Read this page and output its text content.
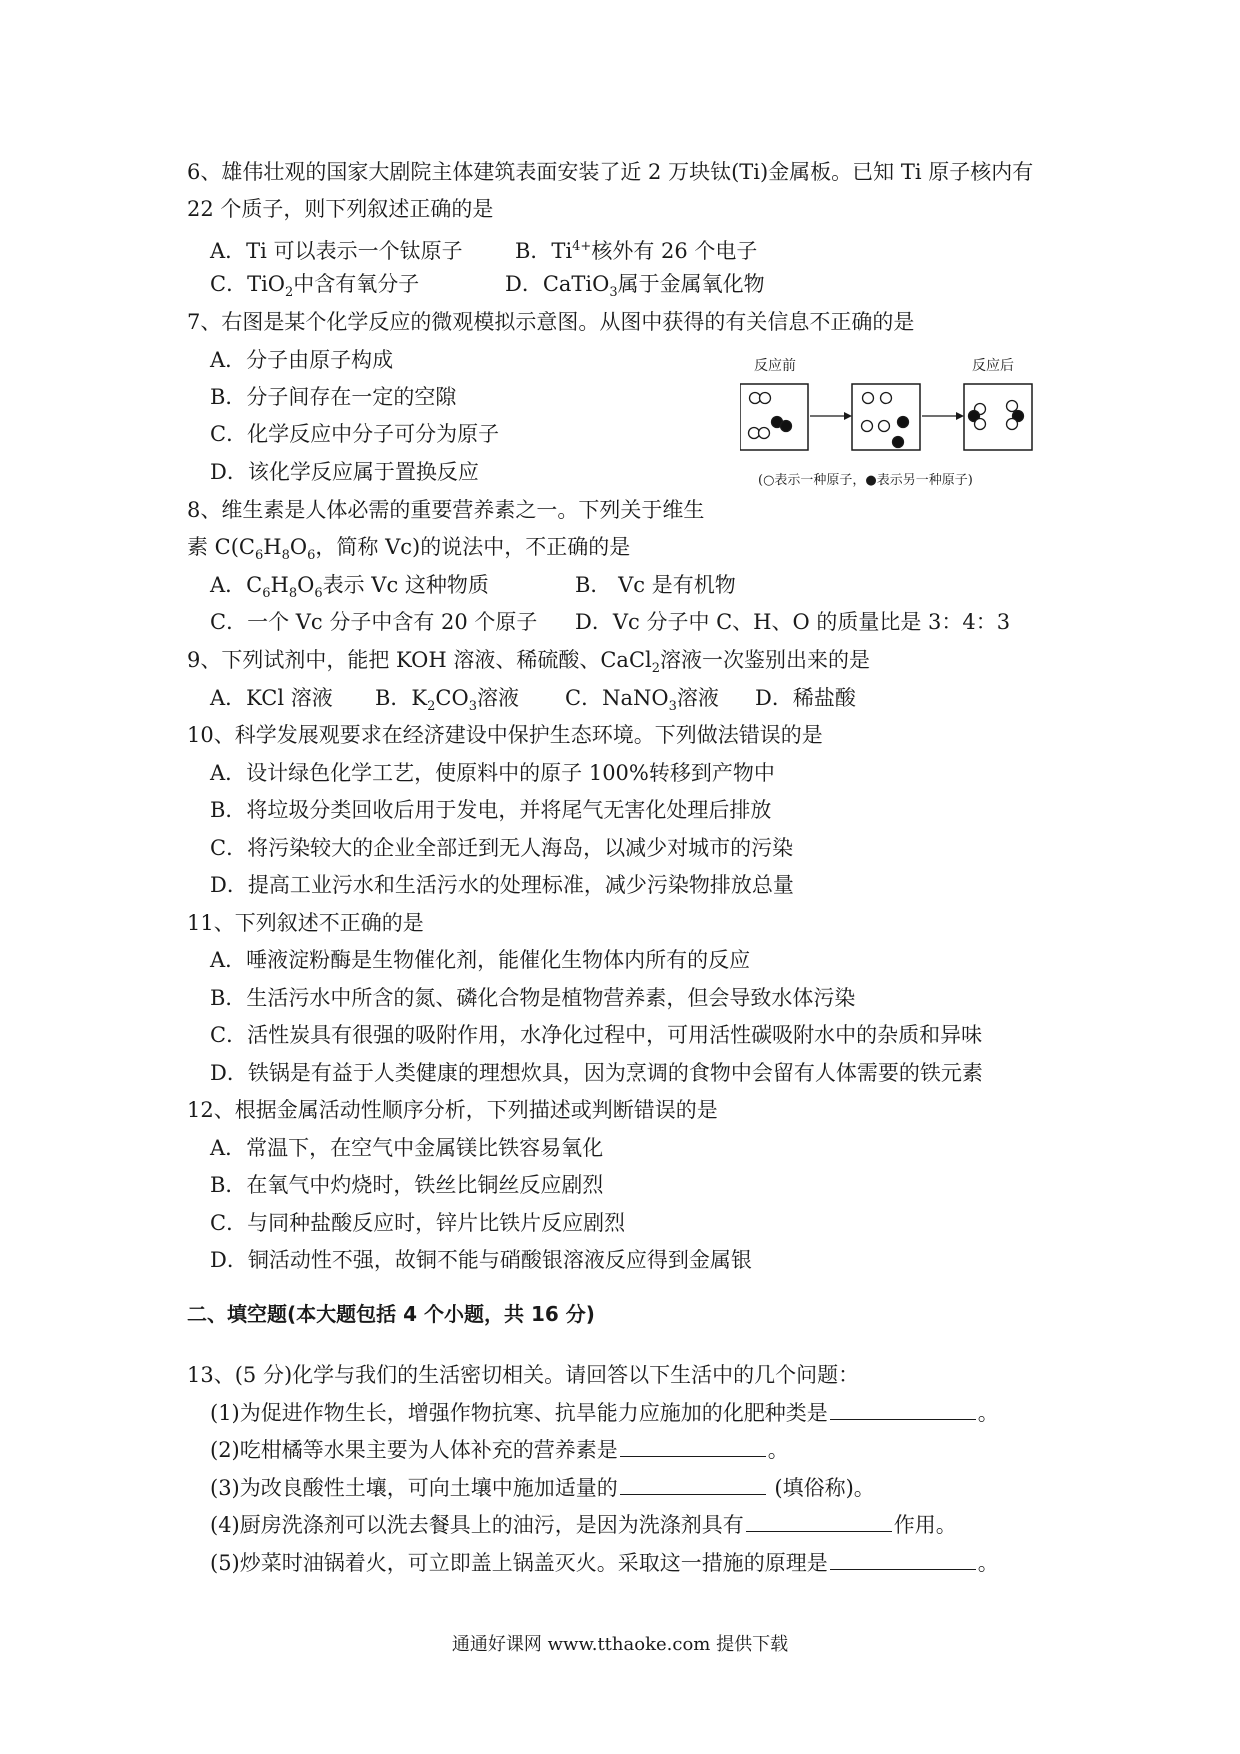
6、雄伟壮观的国家大剧院主体建筑表面安装了近 2 万块钛(Ti)金属板。已知 Ti 原子核内有
22 个质子，则下列叙述正确的是
A．Ti 可以表示一个钛原子 B．$Ti^{4+}$核外有 26 个电子
C．TiO$_2$中含有氧分子	D．CaTiO$_3$属于金属氧化物
7、右图是某个化学反应的微观模拟示意图。从图中获得的有关信息不正确的是
A．分子由原子构成
B．分子间存在一定的空隙
C．化学反应中分子可分为原子
D．该化学反应属于置换反应
反应前	反应后
(○表示一种原子，●表示另一种原子)
8、维生素是人体必需的重要营养素之一。下列关于维生
素 $C(C_6H_8O_6$，简称 Vc)的说法中，不正确的是
A．$C_6H_8O_6$表示 Vc 这种物质	B． Vc 是有机物
C．一个 Vc 分子中含有 20 个原子 D．Vc 分子中 C、H、O 的质量比是 3：4：3
9、下列试剂中，能把 KOH 溶液、稀硫酸、CaCl$_2$溶液一次鉴别出来的是
A．KCl 溶液 B．$K_2CO_3$溶液 C．NaNO$_3$溶液 D．稀盐酸
10、科学发展观要求在经济建设中保护生态环境。下列做法错误的是
A．设计绿色化学工艺，使原料中的原子 100%转移到产物中
B．将垃圾分类回收后用于发电，并将尾气无害化处理后排放
C．将污染较大的企业全部迁到无人海岛，以减少对城市的污染
D．提高工业污水和生活污水的处理标准，减少污染物排放总量
11、下列叙述不正确的是
A．唾液淀粉酶是生物催化剂，能催化生物体内所有的反应
B．生活污水中所含的氮、磷化合物是植物营养素，但会导致水体污染
C．活性炭具有很强的吸附作用，水净化过程中，可用活性碳吸附水中的杂质和异味
D．铁锅是有益于人类健康的理想炊具，因为烹调的食物中会留有人体需要的铁元素
12、根据金属活动性顺序分析，下列描述或判断错误的是
A．常温下，在空气中金属镁比铁容易氧化
B．在氧气中灼烧时，铁丝比铜丝反应剧烈
C．与同种盐酸反应时，锌片比铁片反应剧烈
D．铜活动性不强，故铜不能与硝酸银溶液反应得到金属银
二、填空题(本大题包括 4 个小题，共 16 分)
13、(5 分)化学与我们的生活密切相关。请回答以下生活中的几个问题：
(1)为促进作物生长，增强作物抗寒、抗旱能力应施加的化肥种类是	。
(2)吃柑橘等水果主要为人体补充的营养素是	。
(3)为改良酸性土壤，可向土壤中施加适量的	(填俗称)。
(4)厨房洗涤剂可以洗去餐具上的油污，是因为洗涤剂具有	作用。
(5)炒菜时油锅着火，可立即盖上锅盖灭火。采取这一措施的原理是	。
通通好课网 www.tthaoke.com 提供下载
